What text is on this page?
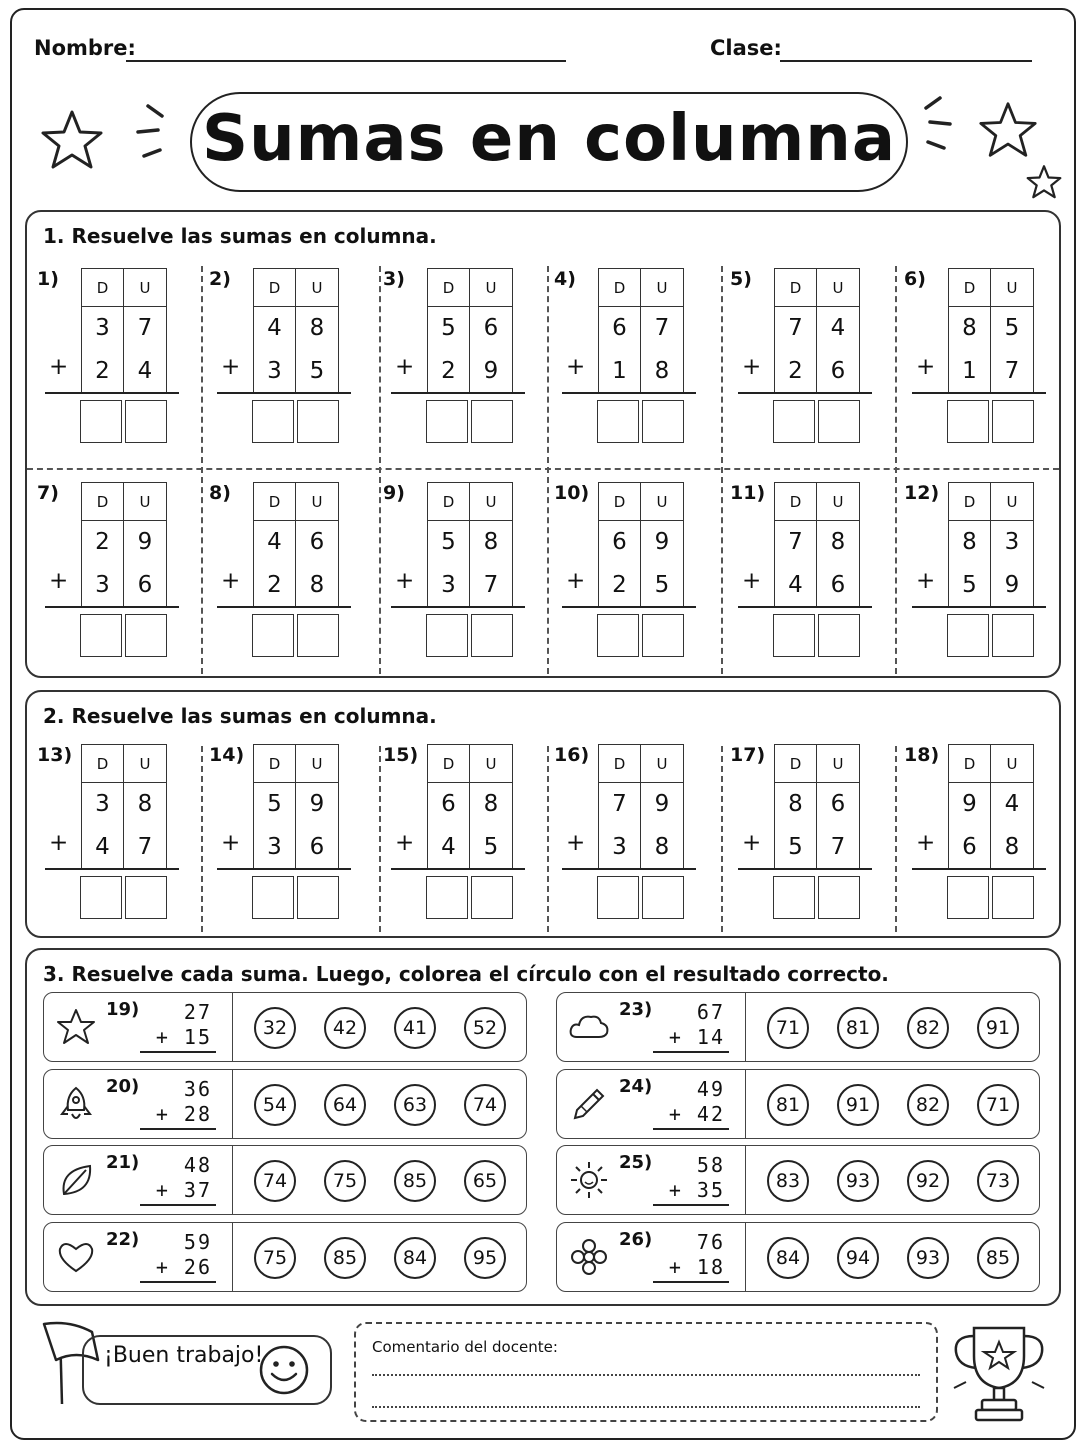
Nombre:	Clase:
Sumas en columna
1. Resuelve las sumas en columna.
1)	D	U
3	7
2	4
+
2)	D	U
4	8
3	5
+
3)	D	U
5	6
2	9
+
4)	D	U
6	7
1	8
+
5)	D	U
7	4
2	6
+
6)	D	U
8	5
1	7
+
7)	D	U
2	9
3	6
+
8)	D	U
4	6
2	8
+
9)	D	U
5	8
3	7
+
10)	D	U
6	9
2	5
+
11)	D	U
7	8
4	6
+
12)	D	U
8	3
5	9
+
2. Resuelve las sumas en columna.
13)	D	U
3	8
4	7
+
14)	D	U
5	9
3	6
+
15)	D	U
6	8
4	5
+
16)	D	U
7	9
3	8
+
17)	D	U
8	6
5	7
+
18)	D	U
9	4
6	8
+
3. Resuelve cada suma. Luego, colorea el círculo con el resultado correcto.
19)	27
+ 15	32	42	41	52
20)	36
+ 28	54	64	63	74
21)	48
+ 37	74	75	85	65
22)	59
+ 26	75	85	84	95
23)	67
+ 14	71	81	82	91
24)	49
+ 42	81	91	82	71
25)	58
+ 35	83	93	92	73
26)	76
+ 18	84	94	93	85
¡Buen trabajo!	Comentario del docente:
